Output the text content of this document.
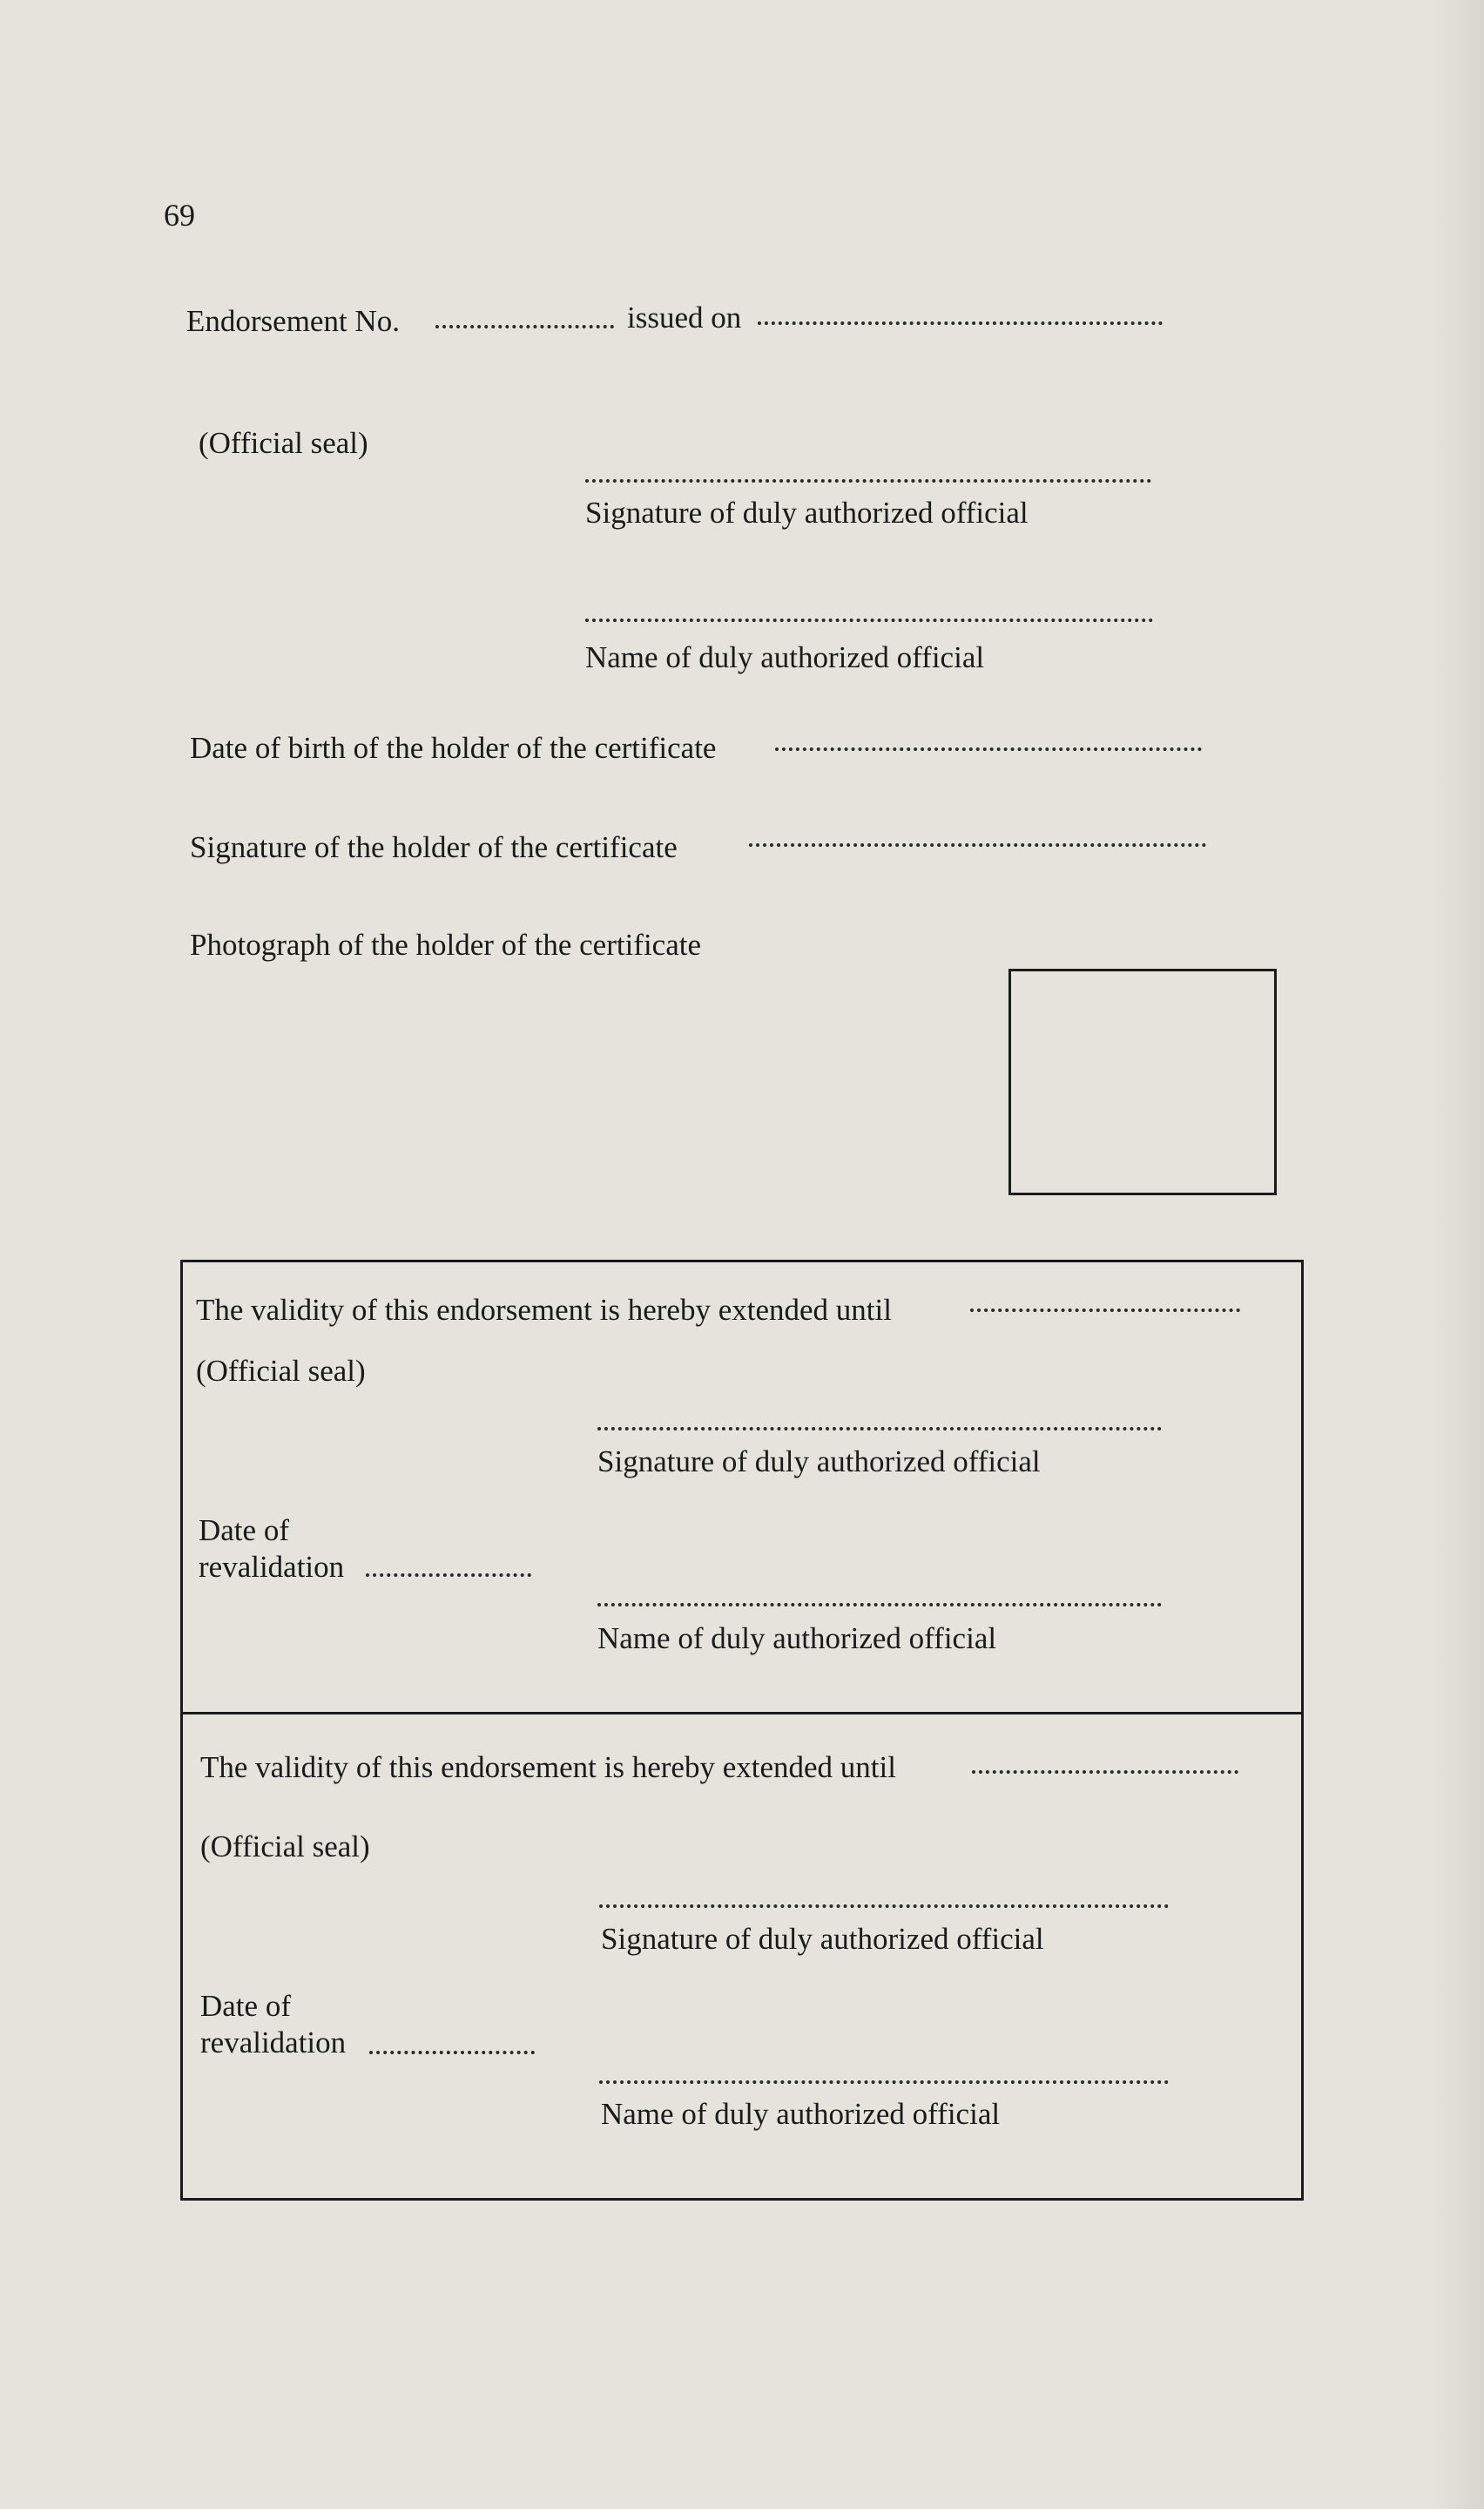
69
Endorsement No.	issued on
(Official seal)
Signature of duly authorized official
Name of duly authorized official
Date of birth of the holder of the certificate
Signature of the holder of the certificate
Photograph of the holder of the certificate
The validity of this endorsement is hereby extended until
(Official seal)
Signature of duly authorized official
Date of
revalidation
Name of duly authorized official
The validity of this endorsement is hereby extended until
(Official seal)
Signature of duly authorized official
Date of
revalidation
Name of duly authorized official
